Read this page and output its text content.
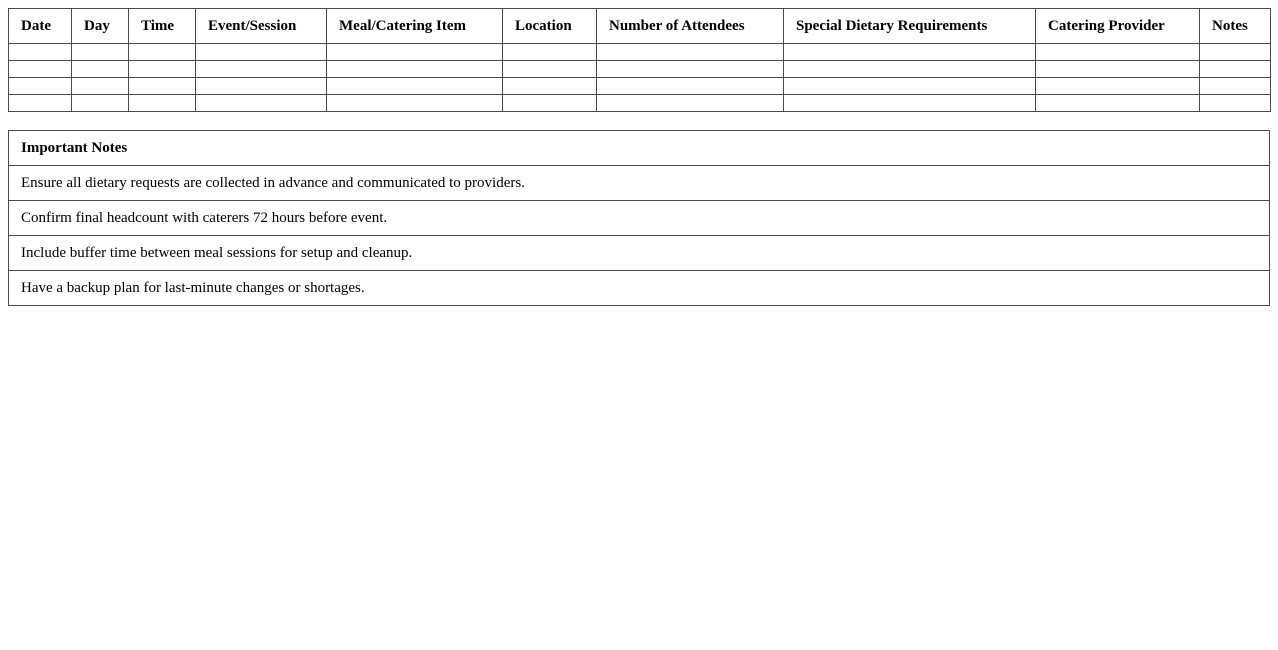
Date	Day	Time	Event/Session	Meal/Catering Item	Location	Number of Attendees	Special Dietary Requirements	Catering Provider	Notes

Important Notes
Ensure all dietary requests are collected in advance and communicated to providers.
Confirm final headcount with caterers 72 hours before event.
Include buffer time between meal sessions for setup and cleanup.
Have a backup plan for last-minute changes or shortages.
